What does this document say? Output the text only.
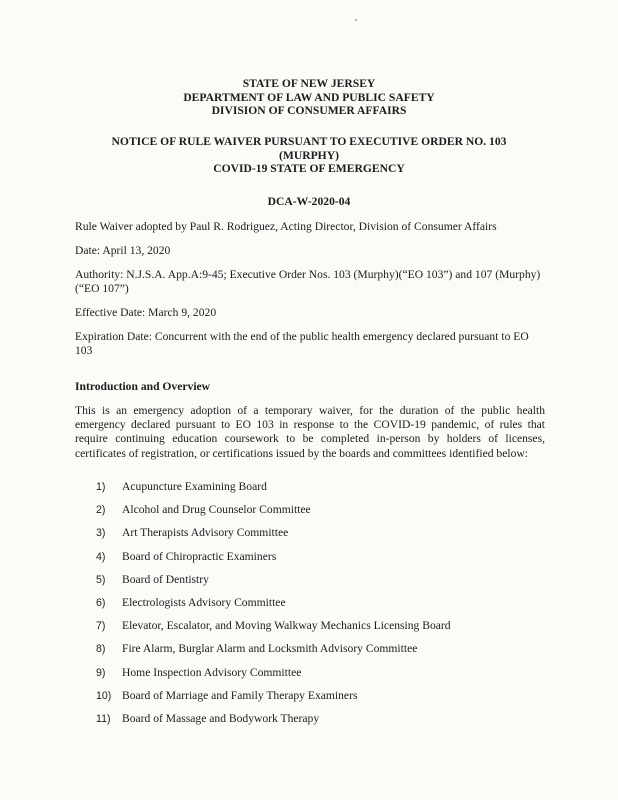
STATE OF NEW JERSEY
DEPARTMENT OF LAW AND PUBLIC SAFETY
DIVISION OF CONSUMER AFFAIRS
NOTICE OF RULE WAIVER PURSUANT TO EXECUTIVE ORDER NO. 103
(MURPHY)
COVID-19 STATE OF EMERGENCY
DCA-W-2020-04
Rule Waiver adopted by Paul R. Rodriguez, Acting Director, Division of Consumer Affairs
Date: April 13, 2020
Authority: N.J.S.A. App.A:9-45; Executive Order Nos. 103 (Murphy)(“EO 103”) and 107 (Murphy) (“EO 107”)
Effective Date: March 9, 2020
Expiration Date: Concurrent with the end of the public health emergency declared pursuant to EO 103
Introduction and Overview
This is an emergency adoption of a temporary waiver, for the duration of the public health emergency declared pursuant to EO 103 in response to the COVID-19 pandemic, of rules that require continuing education coursework to be completed in-person by holders of licenses, certificates of registration, or certifications issued by the boards and committees identified below:
1) Acupuncture Examining Board
2) Alcohol and Drug Counselor Committee
3) Art Therapists Advisory Committee
4) Board of Chiropractic Examiners
5) Board of Dentistry
6) Electrologists Advisory Committee
7) Elevator, Escalator, and Moving Walkway Mechanics Licensing Board
8) Fire Alarm, Burglar Alarm and Locksmith Advisory Committee
9) Home Inspection Advisory Committee
10) Board of Marriage and Family Therapy Examiners
11) Board of Massage and Bodywork Therapy
